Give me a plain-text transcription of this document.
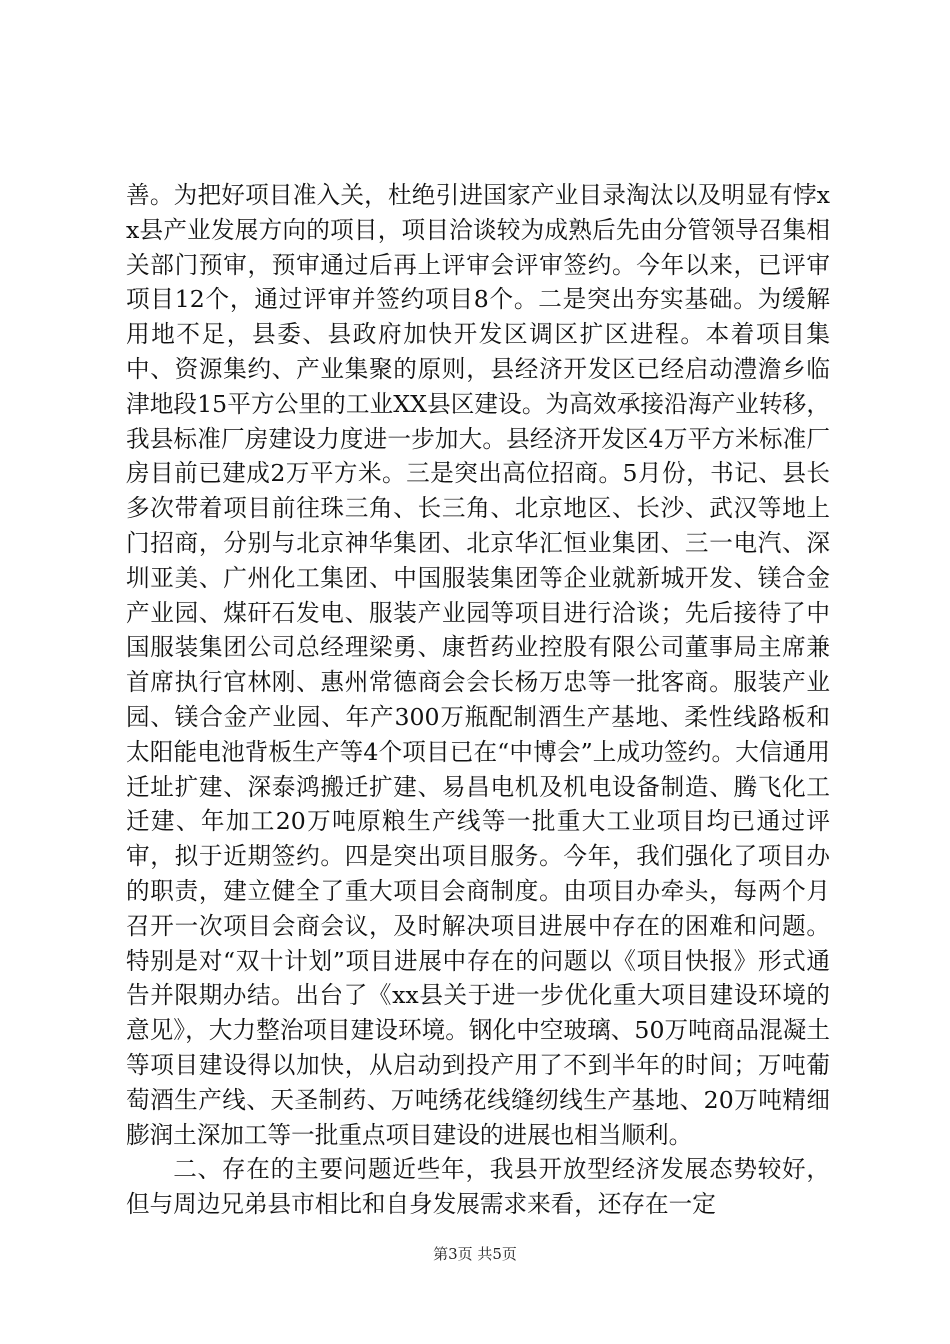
善。为把好项目准入关，杜绝引进国家产业目录淘汰以及明显有悖xx县产业发展方向的项目，项目洽谈较为成熟后先由分管领导召集相关部门预审，预审通过后再上评审会评审签约。今年以来，已评审项目12个，通过评审并签约项目8个。二是突出夯实基础。为缓解用地不足，县委、县政府加快开发区调区扩区进程。本着项目集中、资源集约、产业集聚的原则，县经济开发区已经启动澧澹乡临津地段15平方公里的工业XX县区建设。为高效承接沿海产业转移，我县标准厂房建设力度进一步加大。县经济开发区4万平方米标准厂房目前已建成2万平方米。三是突出高位招商。5月份，书记、县长多次带着项目前往珠三角、长三角、北京地区、长沙、武汉等地上门招商，分别与北京神华集团、北京华汇恒业集团、三一电汽、深圳亚美、广州化工集团、中国服装集团等企业就新城开发、镁合金产业园、煤矸石发电、服装产业园等项目进行洽谈；先后接待了中国服装集团公司总经理梁勇、康哲药业控股有限公司董事局主席兼首席执行官林刚、惠州常德商会会长杨万忠等一批客商。服装产业园、镁合金产业园、年产300万瓶配制酒生产基地、柔性线路板和太阳能电池背板生产等4个项目已在“中博会”上成功签约。大信通用迁址扩建、深泰鸿搬迁扩建、易昌电机及机电设备制造、腾飞化工迁建、年加工20万吨原粮生产线等一批重大工业项目均已通过评审，拟于近期签约。四是突出项目服务。今年，我们强化了项目办的职责，建立健全了重大项目会商制度。由项目办牵头，每两个月召开一次项目会商会议，及时解决项目进展中存在的困难和问题。特别是对“双十计划”项目进展中存在的问题以《项目快报》形式通告并限期办结。出台了《xx县关于进一步优化重大项目建设环境的意见》，大力整治项目建设环境。钢化中空玻璃、50万吨商品混凝土等项目建设得以加快，从启动到投产用了不到半年的时间；万吨葡萄酒生产线、天圣制药、万吨绣花线缝纫线生产基地、20万吨精细膨润土深加工等一批重点项目建设的进展也相当顺利。

二、存在的主要问题近些年，我县开放型经济发展态势较好，但与周边兄弟县市相比和自身发展需求来看，还存在一定

第3页 共5页
